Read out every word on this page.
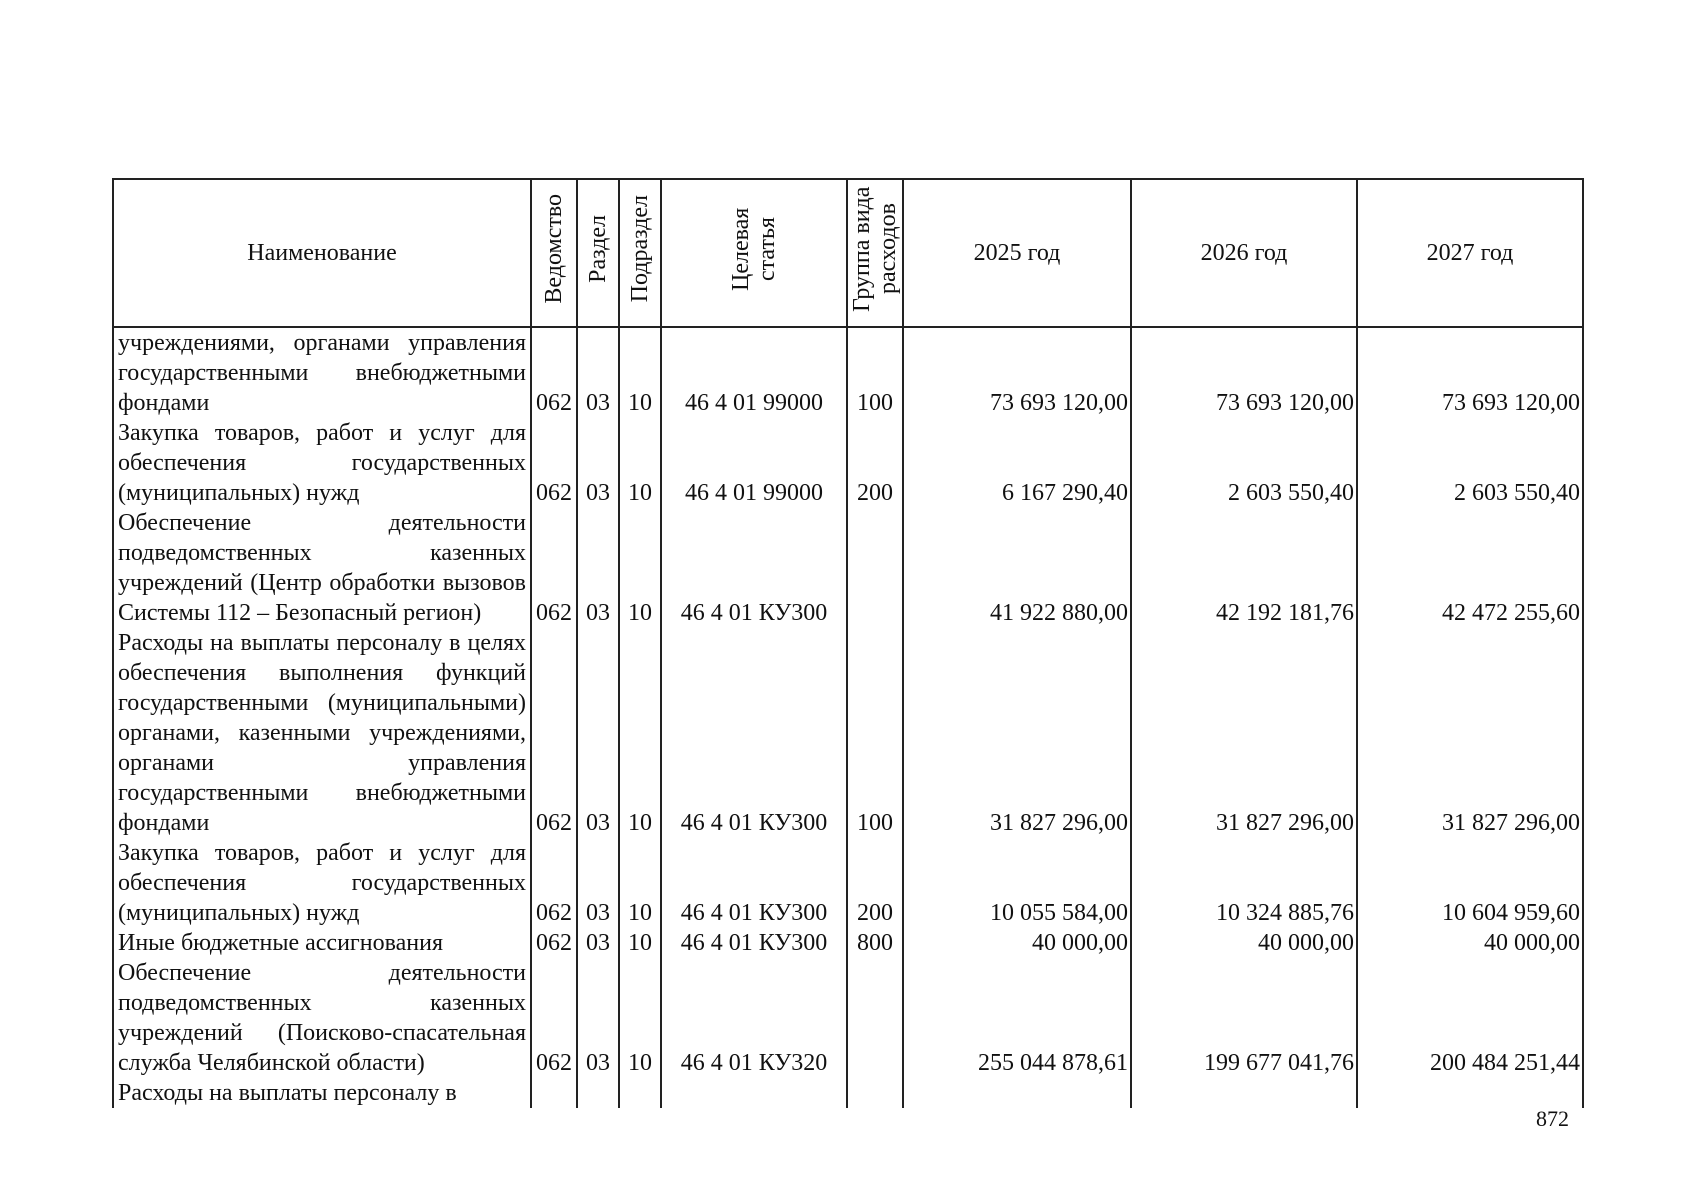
Наименование	Ведомство	Раздел	Подраздел	Целевая статья	Группа вида расходов	2025 год	2026 год	2027 год
учреждениями, органами управления государственными внебюджетными фондами	062	03	10	46 4 01 99000	100	73 693 120,00	73 693 120,00	73 693 120,00
Закупка товаров, работ и услуг для обеспечения государственных (муниципальных) нужд	062	03	10	46 4 01 99000	200	6 167 290,40	2 603 550,40	2 603 550,40
Обеспечение деятельности подведомственных казенных учреждений (Центр обработки вызовов Системы 112 – Безопасный регион)	062	03	10	46 4 01 КУ300		41 922 880,00	42 192 181,76	42 472 255,60
Расходы на выплаты персоналу в целях обеспечения выполнения функций государственными (муниципальными) органами, казенными учреждениями, органами управления государственными внебюджетными фондами	062	03	10	46 4 01 КУ300	100	31 827 296,00	31 827 296,00	31 827 296,00
Закупка товаров, работ и услуг для обеспечения государственных (муниципальных) нужд	062	03	10	46 4 01 КУ300	200	10 055 584,00	10 324 885,76	10 604 959,60
Иные бюджетные ассигнования	062	03	10	46 4 01 КУ300	800	40 000,00	40 000,00	40 000,00
Обеспечение деятельности подведомственных казенных учреждений (Поисково-спасательная служба Челябинской области)	062	03	10	46 4 01 КУ320		255 044 878,61	199 677 041,76	200 484 251,44
Расходы на выплаты персоналу в								
872
